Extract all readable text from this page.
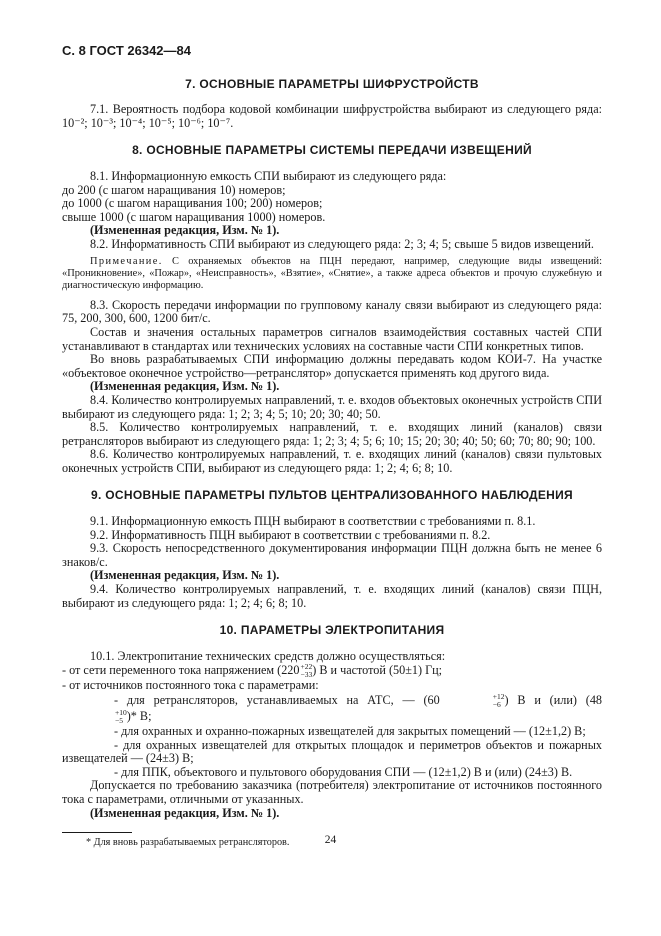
С. 8 ГОСТ 26342—84
7. ОСНОВНЫЕ ПАРАМЕТРЫ ШИФРУСТРОЙСТВ

7.1. Вероятность подбора кодовой комбинации шифрустройства выбирают из следующего ряда: 10⁻²; 10⁻³; 10⁻⁴; 10⁻⁵; 10⁻⁶; 10⁻⁷.

8. ОСНОВНЫЕ ПАРАМЕТРЫ СИСТЕМЫ ПЕРЕДАЧИ ИЗВЕЩЕНИЙ

8.1. Информационную емкость СПИ выбирают из следующего ряда:

до 200 (с шагом наращивания 10) номеров;

до 1000 (с шагом наращивания 100; 200) номеров;

свыше 1000 (с шагом наращивания 1000) номеров.

(Измененная редакция, Изм. № 1).

8.2. Информативность СПИ выбирают из следующего ряда: 2; 3; 4; 5; свыше 5 видов извещений.

Примечание. С охраняемых объектов на ПЦН передают, например, следующие виды извещений: «Проникновение», «Пожар», «Неисправность», «Взятие», «Снятие», а также адреса объектов и прочую служебную и диагностическую информацию.

8.3. Скорость передачи информации по групповому каналу связи выбирают из следующего ряда: 75, 200, 300, 600, 1200 бит/с.

Состав и значения остальных параметров сигналов взаимодействия составных частей СПИ устанавливают в стандартах или технических условиях на составные части СПИ конкретных типов.

Во вновь разрабатываемых СПИ информацию должны передавать кодом КОИ-7. На участке «объектовое оконечное устройство—ретранслятор» допускается применять код другого вида.

(Измененная редакция, Изм. № 1).

8.4. Количество контролируемых направлений, т. е. входов объектовых оконечных устройств СПИ выбирают из следующего ряда: 1; 2; 3; 4; 5; 10; 20; 30; 40; 50.

8.5. Количество контролируемых направлений, т. е. входящих линий (каналов) связи ретрансляторов выбирают из следующего ряда: 1; 2; 3; 4; 5; 6; 10; 15; 20; 30; 40; 50; 60; 70; 80; 90; 100.

8.6. Количество контролируемых направлений, т. е. входящих линий (каналов) связи пультовых оконечных устройств СПИ, выбирают из следующего ряда: 1; 2; 4; 6; 8; 10.

9. ОСНОВНЫЕ ПАРАМЕТРЫ ПУЛЬТОВ ЦЕНТРАЛИЗОВАННОГО НАБЛЮДЕНИЯ

9.1. Информационную емкость ПЦН выбирают в соответствии с требованиями п. 8.1.

9.2. Информативность ПЦН выбирают в соответствии с требованиями п. 8.2.

9.3. Скорость непосредственного документирования информации ПЦН должна быть не менее 6 знаков/с.

(Измененная редакция, Изм. № 1).

9.4. Количество контролируемых направлений, т. е. входящих линий (каналов) связи ПЦН, выбирают из следующего ряда: 1; 2; 4; 6; 8; 10.

10. ПАРАМЕТРЫ ЭЛЕКТРОПИТАНИЯ

10.1. Электропитание технических средств должно осуществляться:

- от сети переменного тока напряжением (220 +22
−33 ) В и частотой (50±1) Гц;

- от источников постоянного тока с параметрами:

- для ретрансляторов, устанавливаемых на АТС, — (60	+12
−6 ) В и (или) (48
+10
−5 )* В;

- для охранных и охранно-пожарных извещателей для закрытых помещений — (12±1,2) В;

- для охранных извещателей для открытых площадок и периметров объектов и пожарных извещателей — (24±3) В;

- для ППК, объектового и пультового оборудования СПИ — (12±1,2) В и (или) (24±3) В.

Допускается по требованию заказчика (потребителя) электропитание от источников постоянного тока с параметрами, отличными от указанных.

(Измененная редакция, Изм. № 1).

* Для вновь разрабатываемых ретрансляторов.	24
